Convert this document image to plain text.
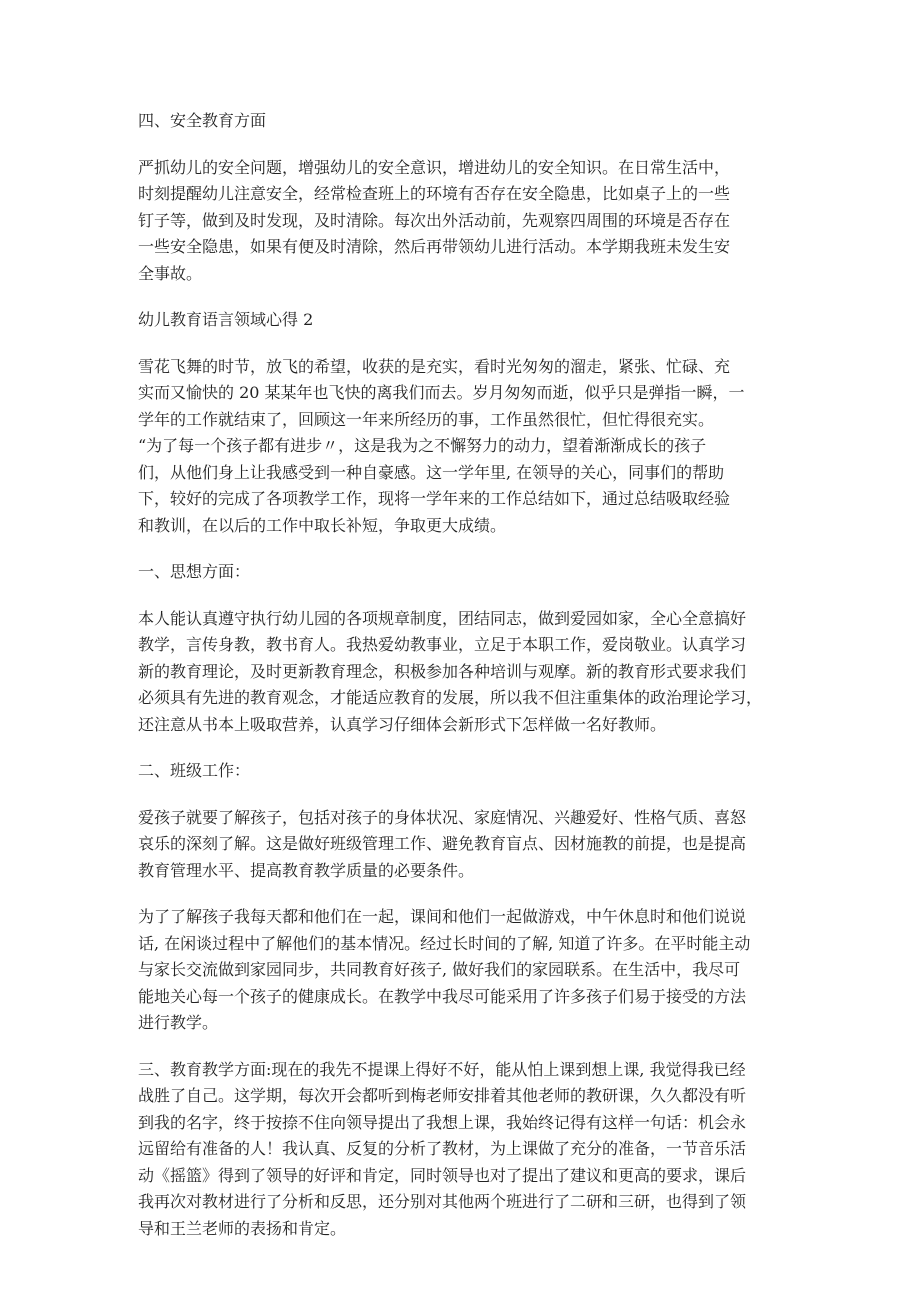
四、安全教育方面
严抓幼儿的安全问题，增强幼儿的安全意识，增进幼儿的安全知识。在日常生活中，
时刻提醒幼儿注意安全，经常检查班上的环境有否存在安全隐患，比如桌子上的一些
钉子等，做到及时发现，及时清除。每次出外活动前，先观察四周围的环境是否存在
一些安全隐患，如果有便及时清除，然后再带领幼儿进行活动。本学期我班未发生安
全事故。
幼儿教育语言领域心得 2
雪花飞舞的时节，放飞的希望，收获的是充实，看时光匆匆的溜走，紧张、忙碌、充
实而又愉快的 20 某某年也飞快的离我们而去。岁月匆匆而逝，似乎只是弹指一瞬，一
学年的工作就结束了，回顾这一年来所经历的事，工作虽然很忙，但忙得很充实。
“为了每一个孩子都有进步〃，这是我为之不懈努力的动力，望着渐渐成长的孩子
们，从他们身上让我感受到一种自豪感。这一学年里, 在领导的关心，同事们的帮助
下，较好的完成了各项教学工作，现将一学年来的工作总结如下，通过总结吸取经验
和教训，在以后的工作中取长补短，争取更大成绩。
一、思想方面：
本人能认真遵守执行幼儿园的各项规章制度，团结同志，做到爱园如家，全心全意搞好
教学，言传身教，教书育人。我热爱幼教事业，立足于本职工作，爱岗敬业。认真学习
新的教育理论，及时更新教育理念，积极参加各种培训与观摩。新的教育形式要求我们
必须具有先进的教育观念，才能适应教育的发展，所以我不但注重集体的政治理论学习，
还注意从书本上吸取营养，认真学习仔细体会新形式下怎样做一名好教师。
二、班级工作：
爱孩子就要了解孩子，包括对孩子的身体状况、家庭情况、兴趣爱好、性格气质、喜怒
哀乐的深刻了解。这是做好班级管理工作、避免教育盲点、因材施教的前提，也是提高
教育管理水平、提高教育教学质量的必要条件。
为了了解孩子我每天都和他们在一起，课间和他们一起做游戏，中午休息时和他们说说
话, 在闲谈过程中了解他们的基本情况。经过长时间的了解, 知道了许多。在平时能主动
与家长交流做到家园同步，共同教育好孩子, 做好我们的家园联系。在生活中，我尽可
能地关心每一个孩子的健康成长。在教学中我尽可能采用了许多孩子们易于接受的方法
进行教学。
三、教育教学方面:现在的我先不提课上得好不好，能从怕上课到想上课, 我觉得我已经
战胜了自己。这学期，每次开会都听到梅老师安排着其他老师的教研课，久久都没有听
到我的名字，终于按捺不住向领导提出了我想上课，我始终记得有这样一句话：机会永
远留给有准备的人！我认真、反复的分析了教材，为上课做了充分的准备，一节音乐活
动《摇篮》得到了领导的好评和肯定，同时领导也对了提出了建议和更高的要求，课后
我再次对教材进行了分析和反思，还分别对其他两个班进行了二研和三研，也得到了领
导和王兰老师的表扬和肯定。
